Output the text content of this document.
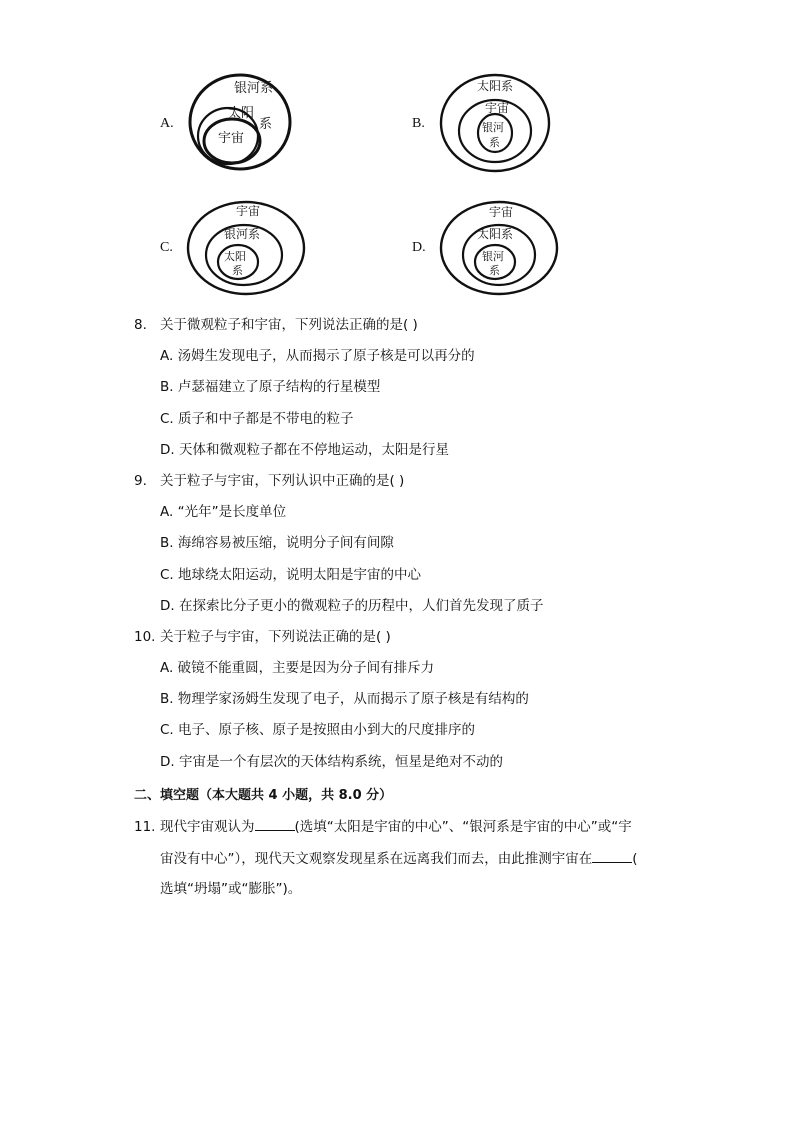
A.
银河系
太阳
系
宇宙
B.
太阳系
宇宙
银河
系
C.
宇宙
银河系
太阳
系
D.
宇宙
太阳系
银河
系
8. 关于微观粒子和宇宙，下列说法正确的是( )
A. 汤姆生发现电子，从而揭示了原子核是可以再分的
B. 卢瑟福建立了原子结构的行星模型
C. 质子和中子都是不带电的粒子
D. 天体和微观粒子都在不停地运动，太阳是行星
9. 关于粒子与宇宙，下列认识中正确的是( )
A. “光年”是长度单位
B. 海绵容易被压缩，说明分子间有间隙
C. 地球绕太阳运动，说明太阳是宇宙的中心
D. 在探索比分子更小的微观粒子的历程中，人们首先发现了质子
10. 关于粒子与宇宙，下列说法正确的是( )
A. 破镜不能重圆，主要是因为分子间有排斥力
B. 物理学家汤姆生发现了电子，从而揭示了原子核是有结构的
C. 电子、原子核、原子是按照由小到大的尺度排序的
D. 宇宙是一个有层次的天体结构系统，恒星是绝对不动的
二、填空题（本大题共 4 小题，共 8.0 分）
11. 现代宇宙观认为	(选填“太阳是宇宙的中心”、“银河系是宇宙的中心”或“宇
宙没有中心”），现代天文观察发现星系在远离我们而去，由此推测宇宙在	(
选填“坍塌”或“膨胀”)。
